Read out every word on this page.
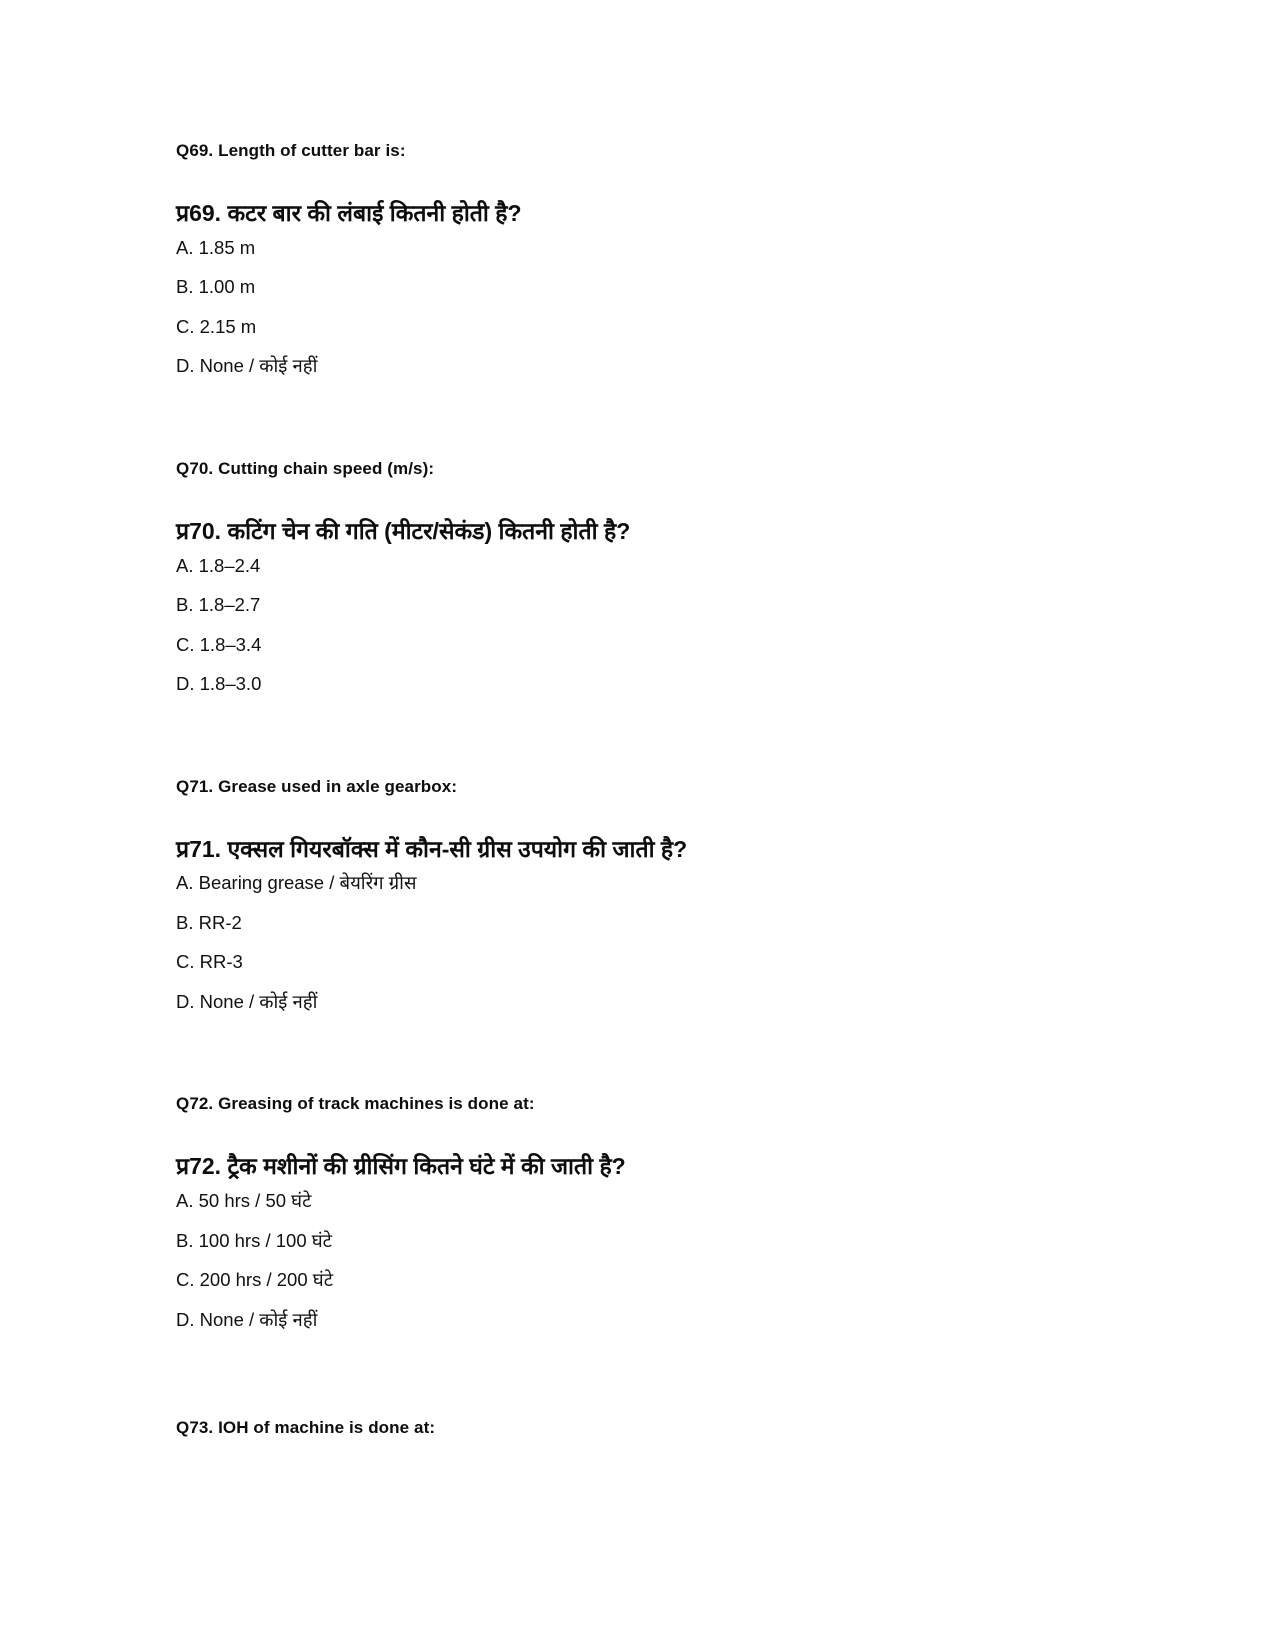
Q69. Length of cutter bar is:

प्र69. कटर बार की लंबाई कितनी होती है?

A. 1.85 m

B. 1.00 m

C. 2.15 m

D. None / कोई नहीं

Q70. Cutting chain speed (m/s):

प्र70. कटिंग चेन की गति (मीटर/सेकंड) कितनी होती है?

A. 1.8–2.4

B. 1.8–2.7

C. 1.8–3.4

D. 1.8–3.0

Q71. Grease used in axle gearbox:

प्र71. एक्सल गियरबॉक्स में कौन-सी ग्रीस उपयोग की जाती है?

A. Bearing grease / बेयरिंग ग्रीस

B. RR-2

C. RR-3

D. None / कोई नहीं

Q72. Greasing of track machines is done at:

प्र72. ट्रैक मशीनों की ग्रीसिंग कितने घंटे में की जाती है?

A. 50 hrs / 50 घंटे

B. 100 hrs / 100 घंटे

C. 200 hrs / 200 घंटे

D. None / कोई नहीं

Q73. IOH of machine is done at:
